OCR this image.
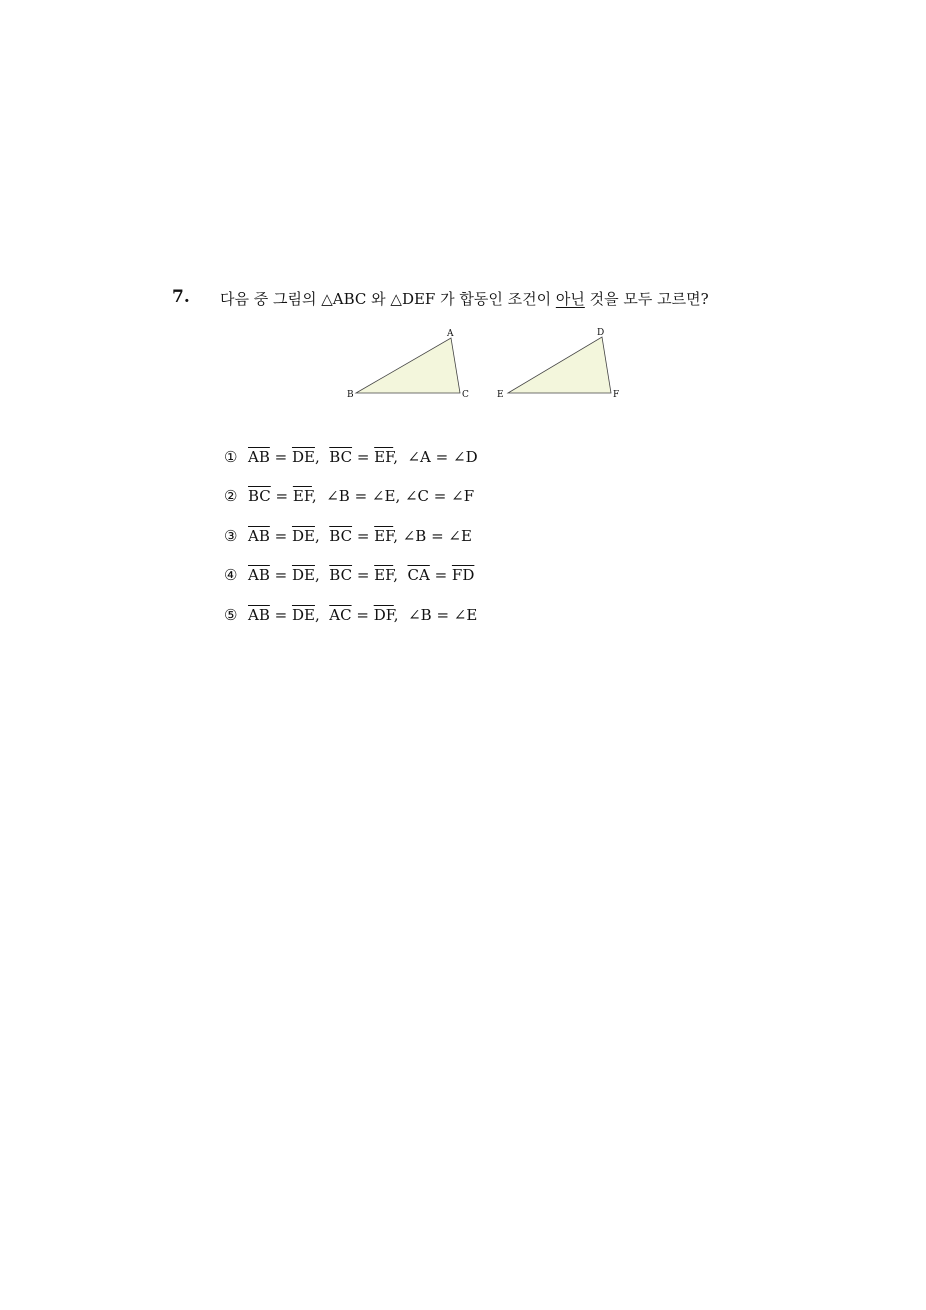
7. 다음 중 그림의 △ABC 와 △DEF 가 합동인 조건이 아닌 것을 모두 고르면?
A
B	C
D
E	F
① $\overline{AB} = \overline{DE}$,  $\overline{BC} = \overline{EF}$,  ∠A = ∠D
② $\overline{BC} = \overline{EF}$,  ∠B = ∠E, ∠C = ∠F
③ $\overline{AB} = \overline{DE}$,  $\overline{BC} = \overline{EF}$, ∠B = ∠E
④ $\overline{AB} = \overline{DE}$,  $\overline{BC} = \overline{EF}$,  $\overline{CA} = \overline{FD}$
⑤ $\overline{AB} = \overline{DE}$,  $\overline{AC} = \overline{DF}$,  ∠B = ∠E
